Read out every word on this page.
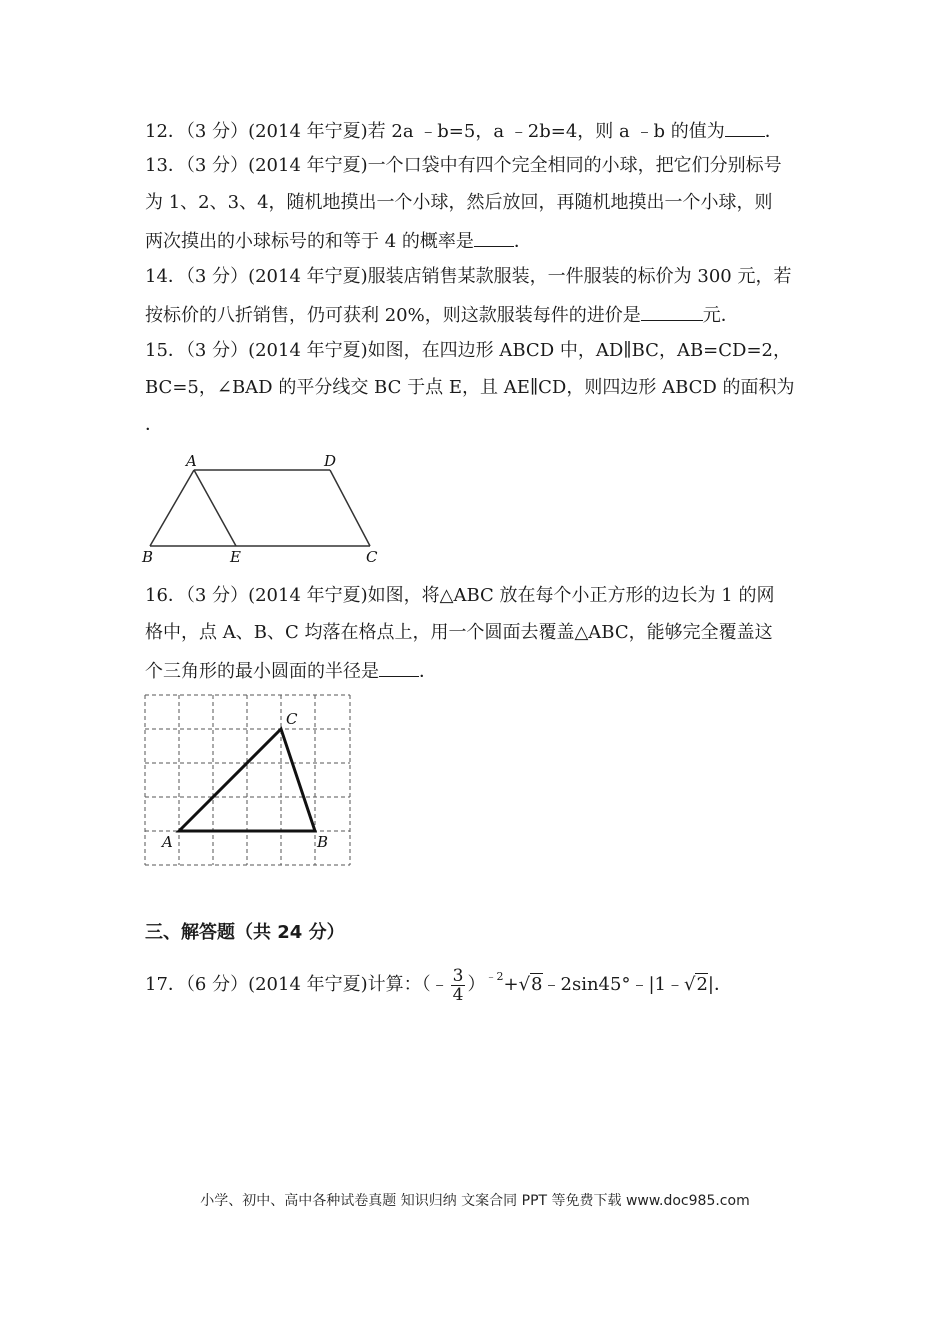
12．（3 分）(2014 年宁夏)若 2a ﹣b=5，a ﹣2b=4，则 a ﹣b 的值为 ．
13．（3 分）(2014 年宁夏)一个口袋中有四个完全相同的小球，把它们分别标号
为 1、2、3、4，随机地摸出一个小球，然后放回，再随机地摸出一个小球，则
两次摸出的小球标号的和等于 4 的概率是 ．
14．（3 分）(2014 年宁夏)服装店销售某款服装，一件服装的标价为 300 元，若
按标价的八折销售，仍可获利 20%，则这款服装每件的进价是	元．
15．（3 分）(2014 年宁夏)如图，在四边形 ABCD 中，AD∥BC，AB=CD=2，
BC=5，∠BAD 的平分线交 BC 于点 E，且 AE∥CD，则四边形 ABCD 的面积为
．
A	D
B	E	C
16．（3 分）(2014 年宁夏)如图，将△ABC 放在每个小正方形的边长为 1 的网
格中，点 A、B、C 均落在格点上，用一个圆面去覆盖△ABC，能够完全覆盖这
个三角形的最小圆面的半径是 ．
A	B
C
三、解答题（共 24 分）
17．（6 分）(2014 年宁夏)计算：（﹣ $\frac{3}{4}$ ）$^{﹣2}$+√8﹣2sin45°﹣|1﹣√2|．
小学、初中、高中各种试卷真题 知识归纳 文案合同 PPT 等免费下载 www.doc985.com
